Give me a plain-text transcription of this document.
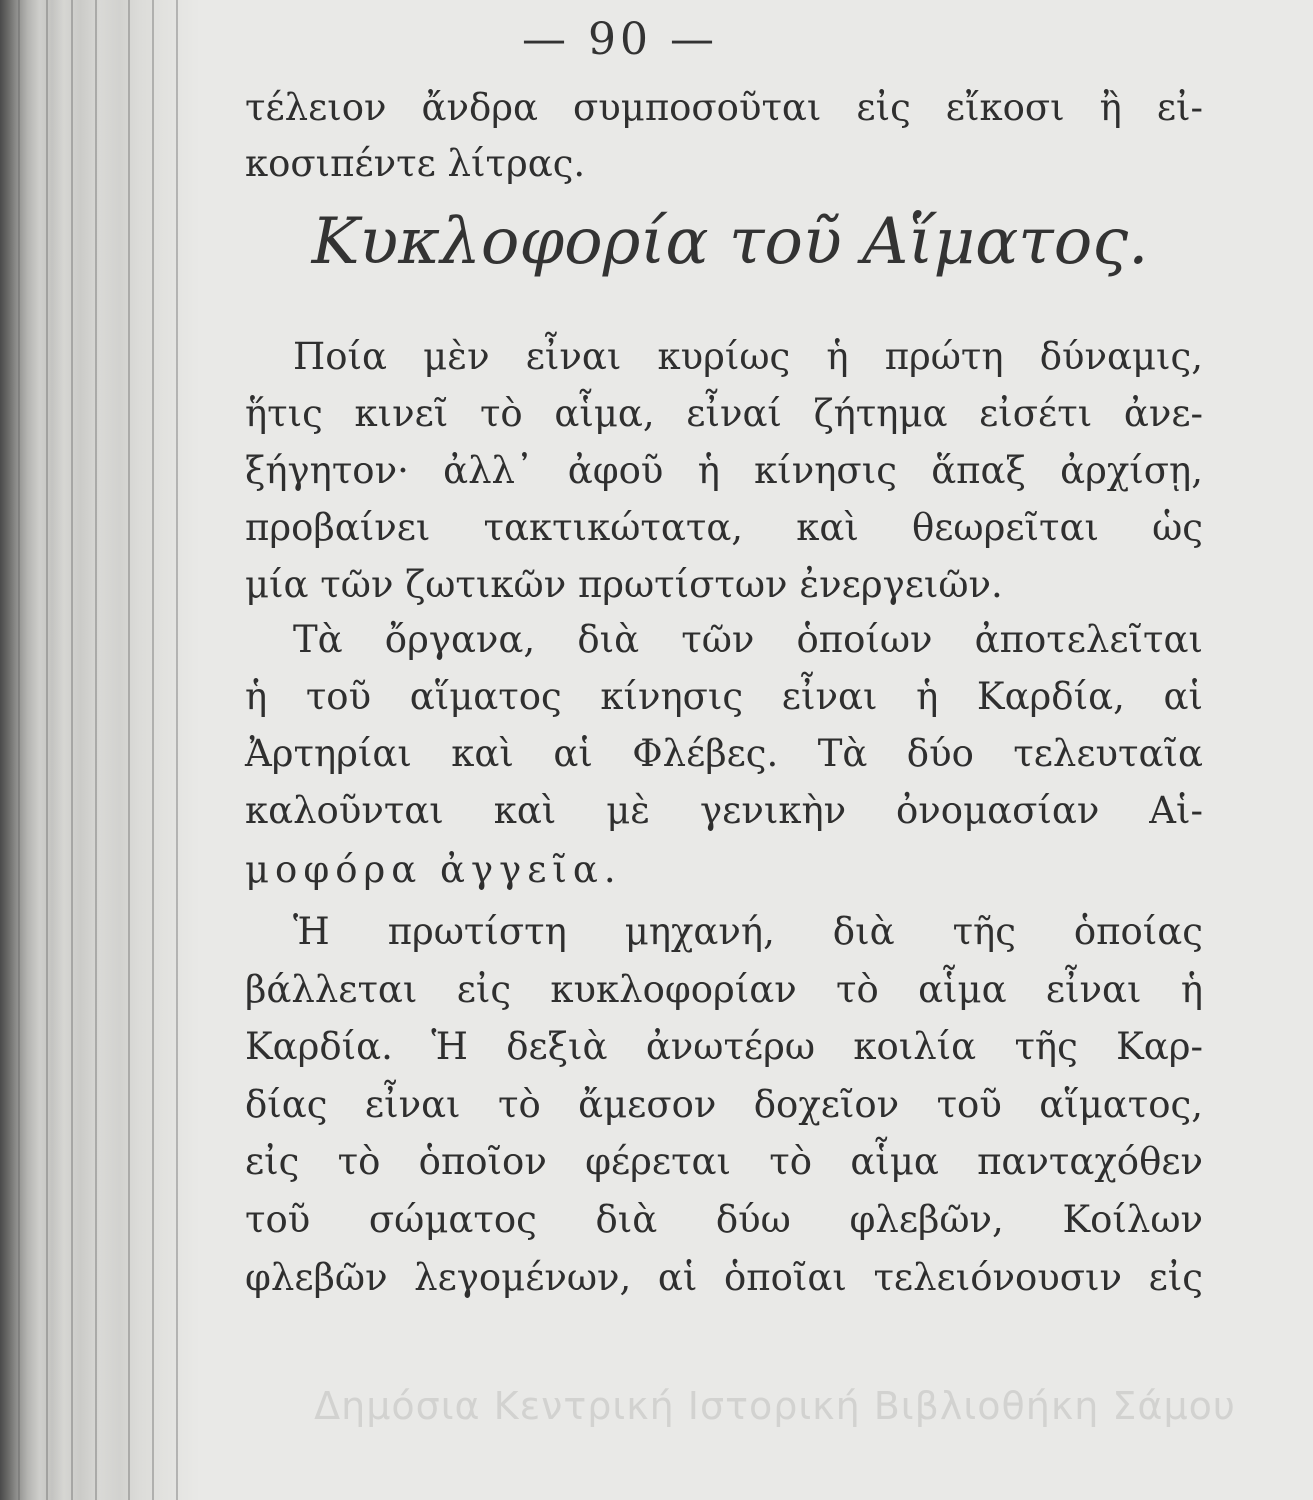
— 90 —
τέλειον ἄνδρα συμποσοῦται εἰς εἴκοσι ἢ εἰ-
κοσιπέντε λίτρας.
Κυκλοφορία τοῦ Αἵματος.
Ποία μὲν εἶναι κυρίως ἡ πρώτη δύναμις,
ἥτις κινεῖ τὸ αἷμα, εἶναί ζήτημα εἰσέτι ἀνε-
ξήγητον· ἀλλ᾽ ἀφοῦ ἡ κίνησις ἅπαξ ἀρχίσῃ,
προβαίνει τακτικώτατα, καὶ θεωρεῖται ὡς
μία τῶν ζωτικῶν πρωτίστων ἐνεργειῶν.
Τὰ ὄργανα, διὰ τῶν ὁποίων ἀποτελεῖται
ἡ τοῦ αἵματος κίνησις εἶναι ἡ Καρδία, αἱ
Ἀρτηρίαι καὶ αἱ Φλέβες. Τὰ δύο τελευταῖα
καλοῦνται καὶ μὲ γενικὴν ὀνομασίαν Αἱ-
μοφόρα ἀγγεῖα.
Ἡ πρωτίστη μηχανή, διὰ τῆς ὁποίας
βάλλεται εἰς κυκλοφορίαν τὸ αἷμα εἶναι ἡ
Καρδία. Ἡ δεξιὰ ἀνωτέρω κοιλία τῆς Καρ-
δίας εἶναι τὸ ἄμεσον δοχεῖον τοῦ αἵματος,
εἰς τὸ ὁποῖον φέρεται τὸ αἷμα πανταχόθεν
τοῦ σώματος διὰ δύω φλεβῶν, Κοίλων
φλεβῶν λεγομένων, αἱ ὁποῖαι τελειόνουσιν εἰς
Δημόσια Κεντρική Ιστορική Βιβλιοθήκη Σάμου
